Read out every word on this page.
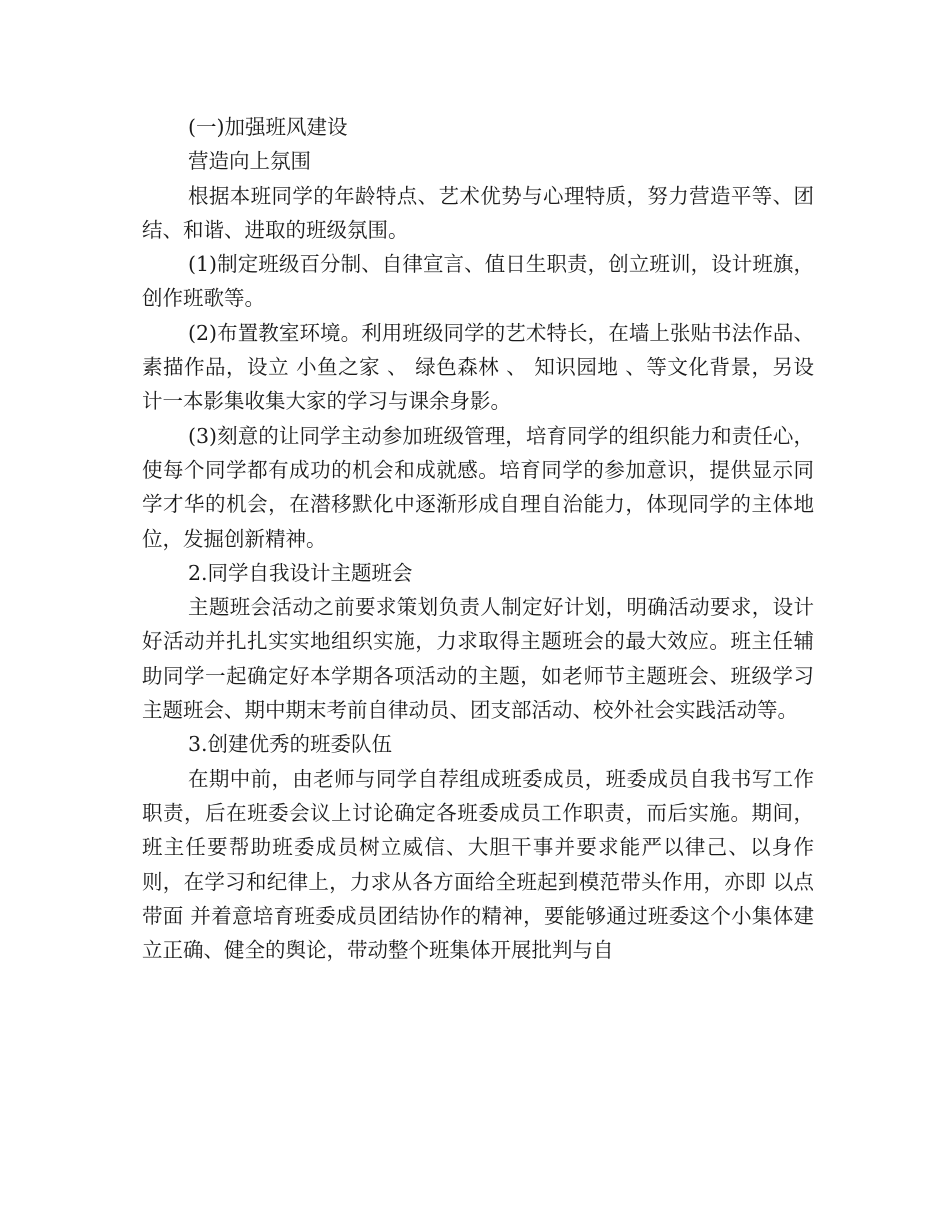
(一)加强班风建设

营造向上氛围

根据本班同学的年龄特点、艺术优势与心理特质，努力营造平等、团结、和谐、进取的班级氛围。

(1)制定班级百分制、自律宣言、值日生职责，创立班训，设计班旗，创作班歌等。

(2)布置教室环境。利用班级同学的艺术特长，在墙上张贴书法作品、素描作品，设立 小鱼之家 、 绿色森林 、 知识园地 、等文化背景，另设计一本影集收集大家的学习与课余身影。

(3)刻意的让同学主动参加班级管理，培育同学的组织能力和责任心，使每个同学都有成功的机会和成就感。培育同学的参加意识，提供显示同学才华的机会，在潜移默化中逐渐形成自理自治能力，体现同学的主体地位，发掘创新精神。

2.同学自我设计主题班会

主题班会活动之前要求策划负责人制定好计划，明确活动要求，设计好活动并扎扎实实地组织实施，力求取得主题班会的最大效应。班主任辅助同学一起确定好本学期各项活动的主题，如老师节主题班会、班级学习主题班会、期中期末考前自律动员、团支部活动、校外社会实践活动等。

3.创建优秀的班委队伍

在期中前，由老师与同学自荐组成班委成员，班委成员自我书写工作职责，后在班委会议上讨论确定各班委成员工作职责，而后实施。期间，班主任要帮助班委成员树立威信、大胆干事并要求能严以律己、以身作则，在学习和纪律上，力求从各方面给全班起到模范带头作用，亦即 以点带面 并着意培育班委成员团结协作的精神，要能够通过班委这个小集体建立正确、健全的舆论，带动整个班集体开展批判与自
